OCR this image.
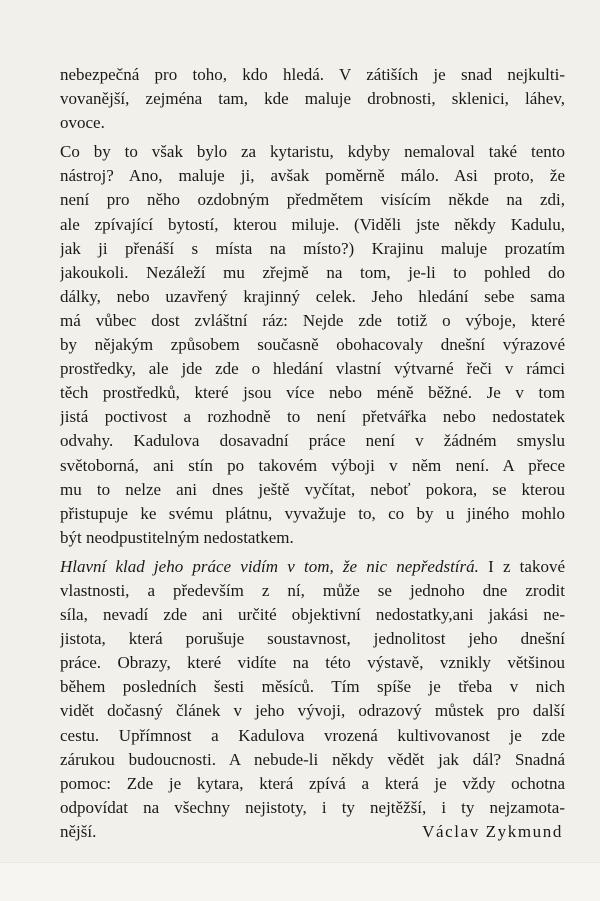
nebezpečná pro toho, kdo hledá. V zátiších je snad nejkulti-
vovanější, zejména tam, kde maluje drobnosti, sklenici, láhev,
ovoce.
Co by to však bylo za kytaristu, kdyby nemaloval také tento
nástroj? Ano, maluje ji, avšak poměrně málo. Asi proto, že
není pro něho ozdobným předmětem visícím někde na zdi,
ale zpívající bytostí, kterou miluje. (Viděli jste někdy Kadulu,
jak ji přenáší s místa na místo?) Krajinu maluje prozatím
jakoukoli. Nezáleží mu zřejmě na tom, je-li to pohled do
dálky, nebo uzavřený krajinný celek. Jeho hledání sebe sama
má vůbec dost zvláštní ráz: Nejde zde totiž o výboje, které
by nějakým způsobem současně obohacovaly dnešní výrazové
prostředky, ale jde zde o hledání vlastní výtvarné řeči v rámci
těch prostředků, které jsou více nebo méně běžné. Je v tom
jistá poctivost a rozhodně to není přetvářka nebo nedostatek
odvahy. Kadulova dosavadní práce není v žádném smyslu
světoborná, ani stín po takovém výboji v něm není. A přece
mu to nelze ani dnes ještě vyčítat, neboť pokora, se kterou
přistupuje ke svému plátnu, vyvažuje to, co by u jiného mohlo
být neodpustitelným nedostatkem.
Hlavní klad jeho práce vidím v tom, že nic nepředstírá. I z takové
vlastnosti, a především z ní, může se jednoho dne zrodit
síla, nevadí zde ani určité objektivní nedostatky,ani jakási ne-
jistota, která porušuje soustavnost, jednolitost jeho dnešní
práce. Obrazy, které vidíte na této výstavě, vznikly většinou
během posledních šesti měsíců. Tím spíše je třeba v nich
vidět dočasný článek v jeho vývoji, odrazový můstek pro další
cestu. Upřímnost a Kadulova vrozená kultivovanost je zde
zárukou budoucnosti. A nebude-li někdy vědět jak dál? Snadná
pomoc: Zde je kytara, která zpívá a která je vždy ochotna
odpovídat na všechny nejistoty, i ty nejtěžší, i ty nejzamota-
nější.	Václav Zykmund
